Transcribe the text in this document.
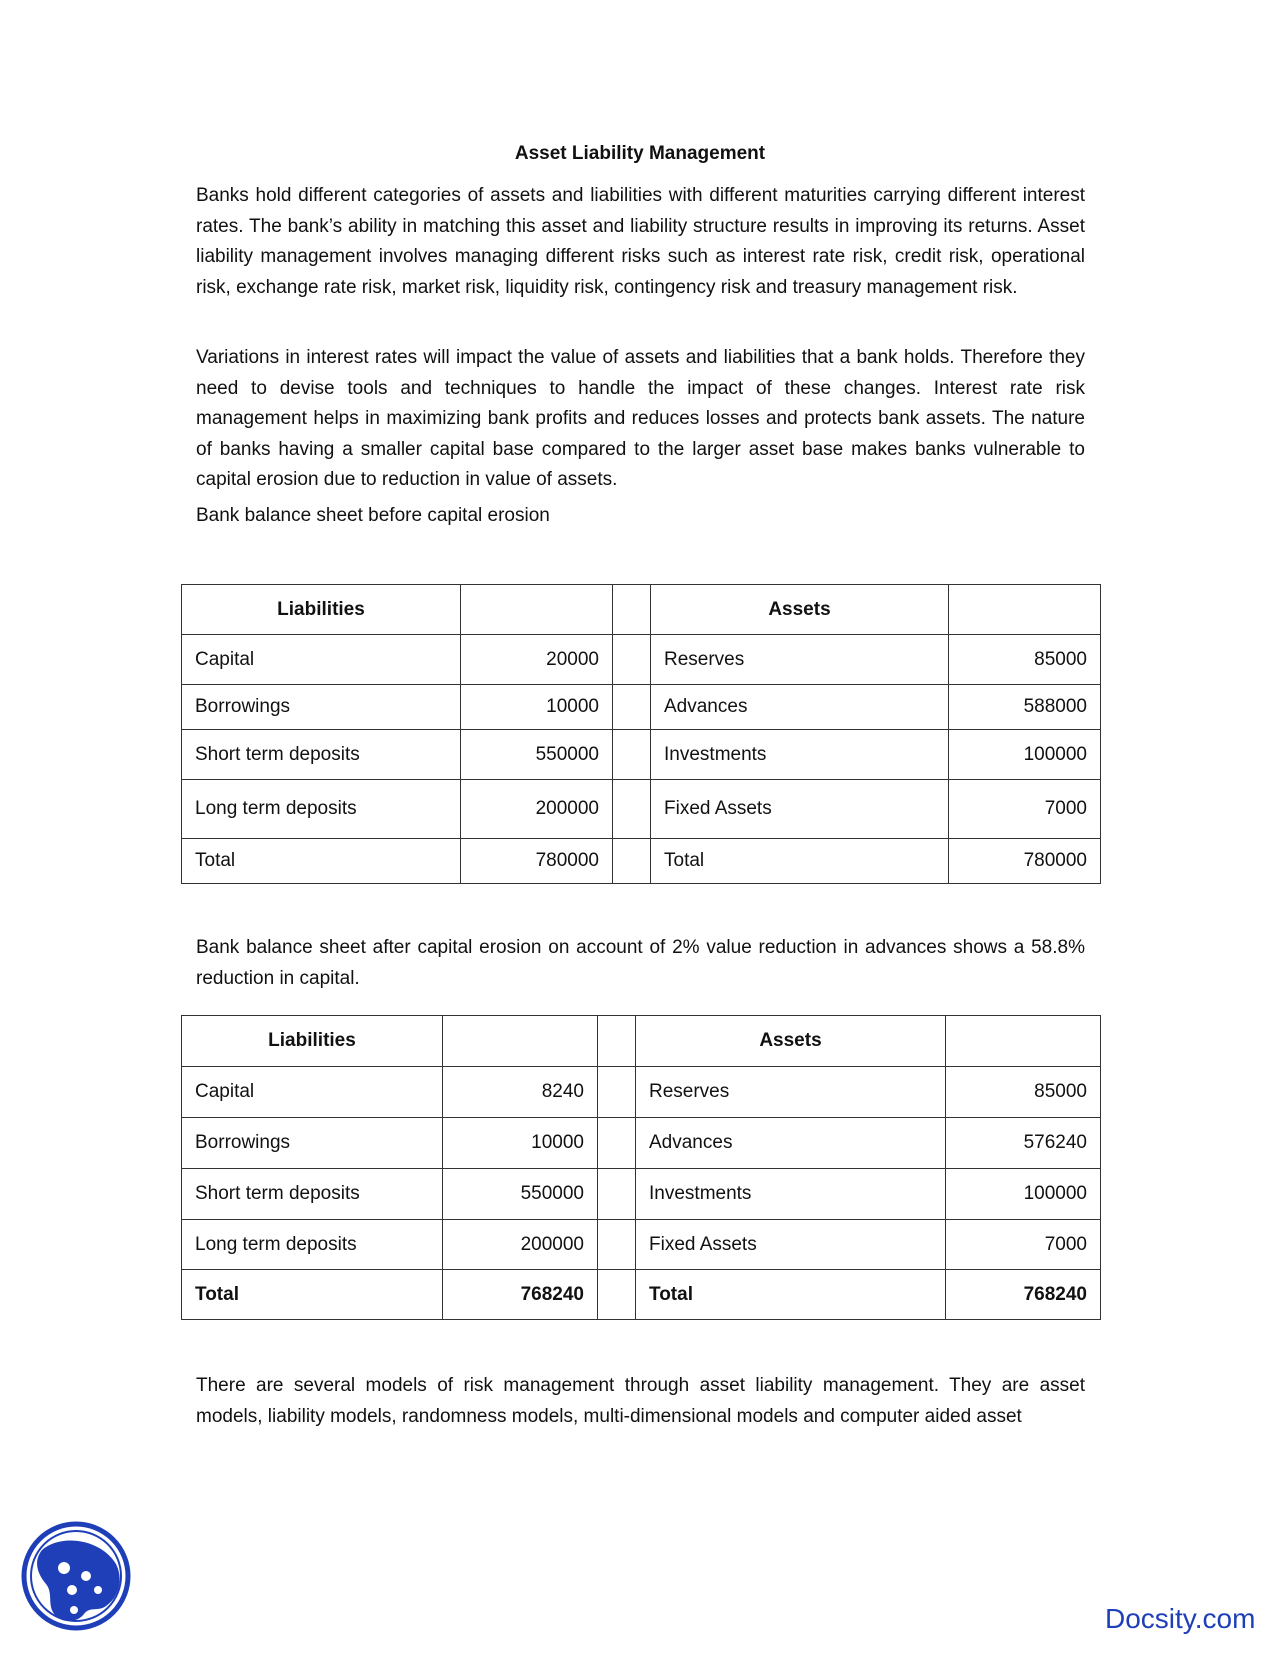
Asset Liability Management

Banks hold different categories of assets and liabilities with different maturities carrying different interest rates. The bank’s ability in matching this asset and liability structure results in improving its returns. Asset liability management involves managing different risks such as interest rate risk, credit risk, operational risk, exchange rate risk, market risk, liquidity risk, contingency risk and treasury management risk.

Variations in interest rates will impact the value of assets and liabilities that a bank holds. Therefore they need to devise tools and techniques to handle the impact of these changes. Interest rate risk management helps in maximizing bank profits and reduces losses and protects bank assets. The nature of banks having a smaller capital base compared to the larger asset base makes banks vulnerable to capital erosion due to reduction in value of assets.

Bank balance sheet before capital erosion

Liabilities			Assets	
Capital	20000		Reserves	85000
Borrowings	10000		Advances	588000
Short term deposits	550000		Investments	100000
Long term deposits	200000		Fixed Assets	7000
Total	780000		Total	780000

Bank balance sheet after capital erosion on account of 2% value reduction in advances shows a 58.8% reduction in capital.

Liabilities			Assets	
Capital	8240		Reserves	85000
Borrowings	10000		Advances	576240
Short term deposits	550000		Investments	100000
Long term deposits	200000		Fixed Assets	7000
Total	768240		Total	768240

There are several models of risk management through asset liability management. They are asset models, liability models, randomness models, multi-dimensional models and computer aided asset

Docsity.com
